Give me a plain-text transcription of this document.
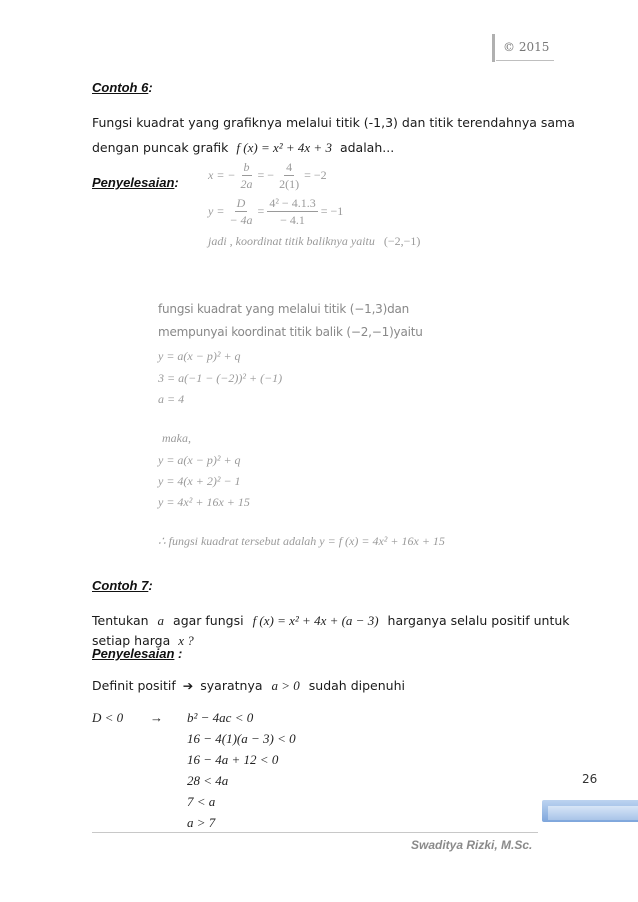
© 2015
Contoh 6:
Fungsi kuadrat yang grafiknya melalui titik (-1,3) dan titik terendahnya sama
dengan puncak grafik f (x) = x² + 4x + 3 adalah...
Penyelesaian: x = − $\frac{b}{2a}$ = − $\frac{4}{2(1)} = -2$
$y = \frac{D}{- 4a} = \frac{\text{4² − 4.1.3}}{- 4.1} = -1$
jadi , koordinat titik baliknya yaitu (−2,−1)
fungsi kuadrat yang melalui titik (−1,3)dan
mempunyai koordinat titik balik (−2,−1)yaitu
y = a(x − p)² + q
3 = a(−1 − (−2))² + (−1)
a = 4
maka,
y = a(x − p)² + q
y = 4(x + 2)² − 1
y = 4x² + 16x + 15
∴ fungsi kuadrat tersebut adalah y = f (x) = 4x² + 16x + 15
Contoh 7:
Tentukan a agar fungsi f (x) = x² + 4x + (a − 3) harganya selalu positif untuk
setiap harga x ?
Penyelesaian :
Definit positif ➔ syaratnya a > 0 sudah dipenuhi
D < 0 → b² − 4ac < 0
16 − 4(1)(a − 3) < 0
16 − 4a + 12 < 0
28 < 4a
7 < a
a > 7
26
Swaditya Rizki, M.Sc.
